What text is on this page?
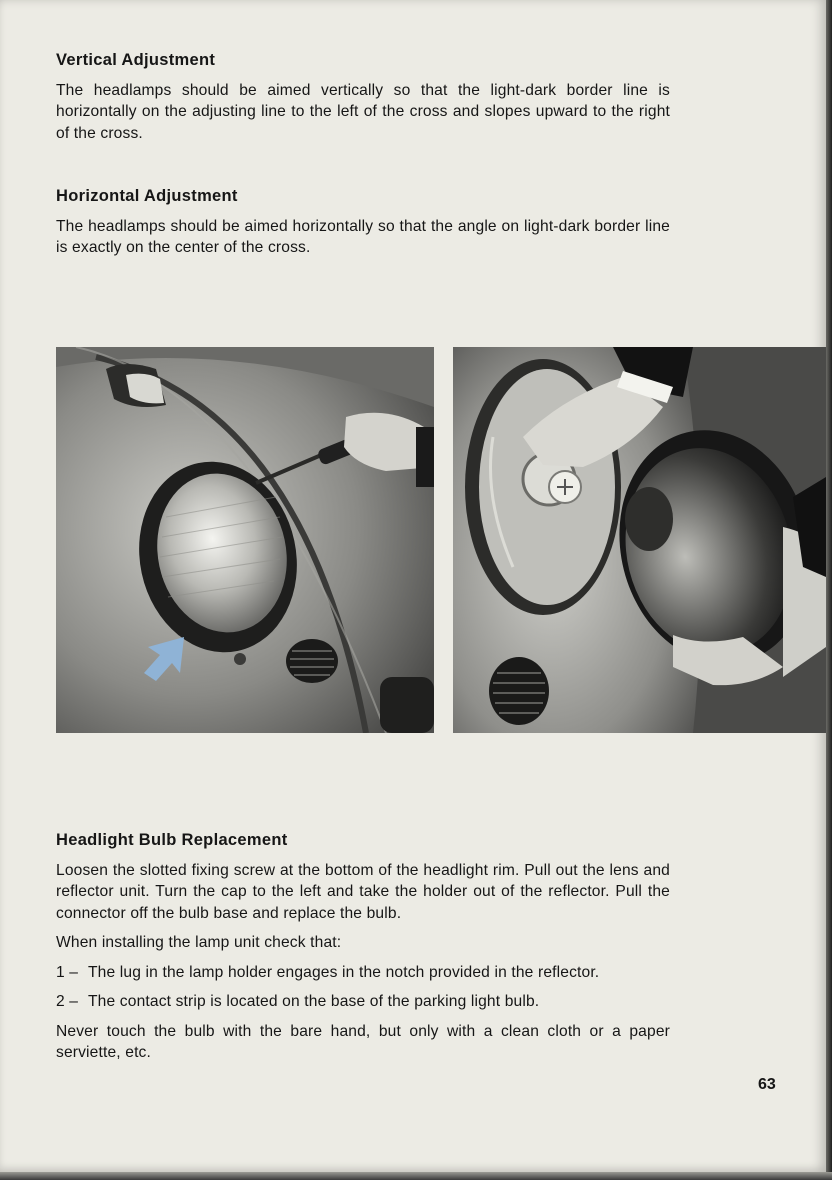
Vertical Adjustment

The headlamps should be aimed vertically so that the light-dark border line is horizontally on the adjusting line to the left of the cross and slopes upward to the right of the cross.

Horizontal Adjustment

The headlamps should be aimed horizontally so that the angle on light-dark border line is exactly on the center of the cross.

Headlight Bulb Replacement

Loosen the slotted fixing screw at the bottom of the headlight rim. Pull out the lens and reflector unit. Turn the cap to the left and take the holder out of the reflector. Pull the connector off the bulb base and replace the bulb.

When installing the lamp unit check that:

1 – The lug in the lamp holder engages in the notch provided in the reflector.
2 – The contact strip is located on the base of the parking light bulb.

Never touch the bulb with the bare hand, but only with a clean cloth or a paper serviette, etc.

63
